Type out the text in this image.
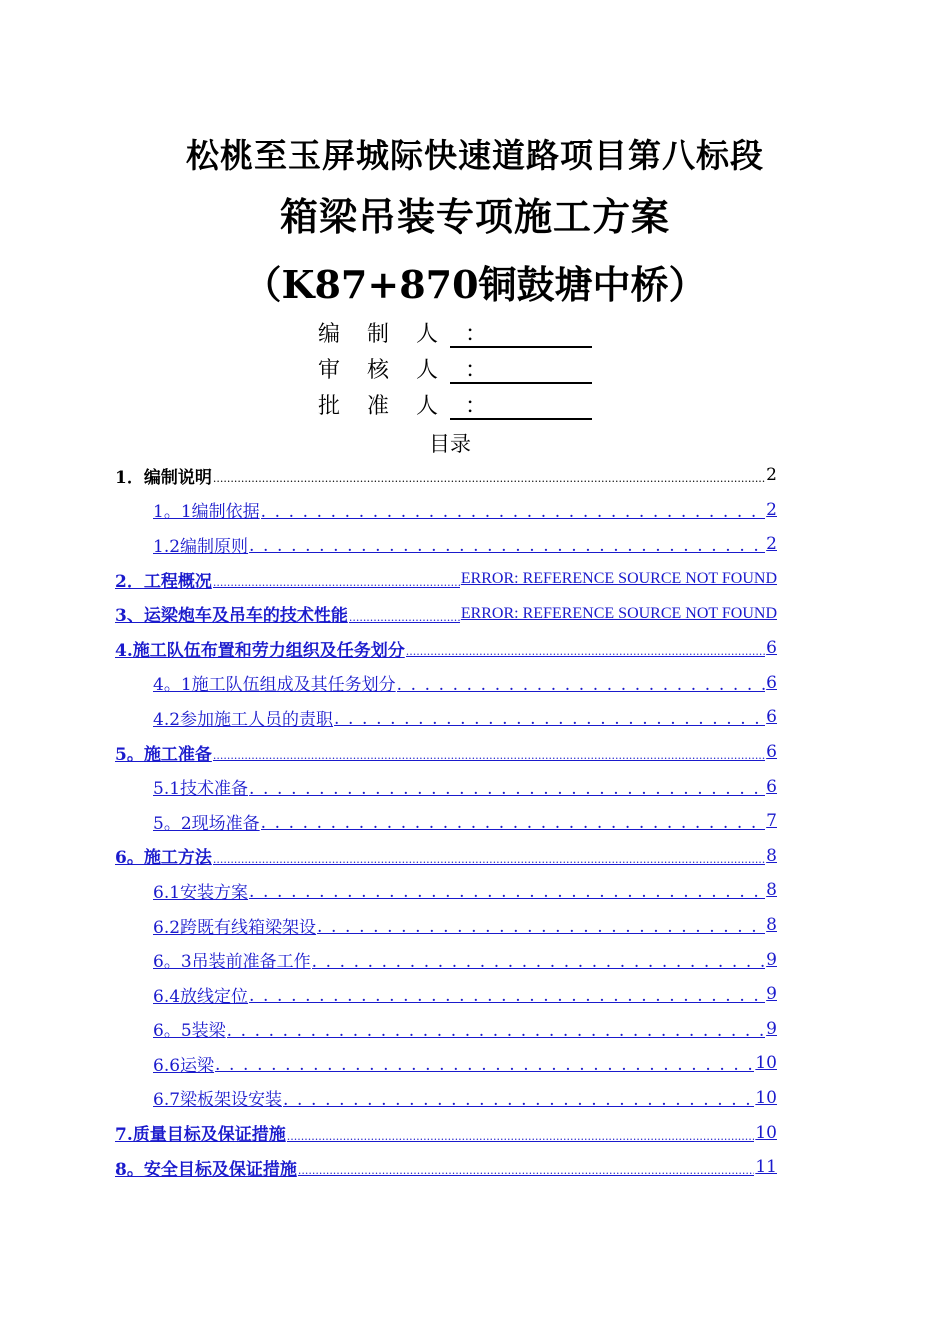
松桃至玉屏城际快速道路项目第八标段
箱梁吊装专项施工方案
（K87+870铜鼓塘中桥）
编 制 人 ：
审 核 人 ：
批 准 人 ：
目录
1．编制说明 .....	2
1。1编制依据 . . .	2
1.2编制原则 . . .	2
2．工程概况 .....	ERROR: REFERENCE SOURCE NOT FOUND
3、运梁炮车及吊车的技术性能 .....	ERROR: REFERENCE SOURCE NOT FOUND
4.施工队伍布置和劳力组织及任务划分 .....	6
4。1施工队伍组成及其任务划分 . . .	6
4.2参加施工人员的责职 . . .	6
5。施工准备 .....	6
5.1技术准备 . . .	6
5。2现场准备 . . .	7
6。施工方法 .....	8
6.1安装方案 . . .	8
6.2跨既有线箱梁架设 . . .	8
6。3吊装前准备工作 . . .	9
6.4放线定位 . . .	9
6。5装梁 . . .	9
6.6运梁 . . .	10
6.7梁板架设安装 . . .	10
7.质量目标及保证措施 .....	10
8。安全目标及保证措施 .....	11
